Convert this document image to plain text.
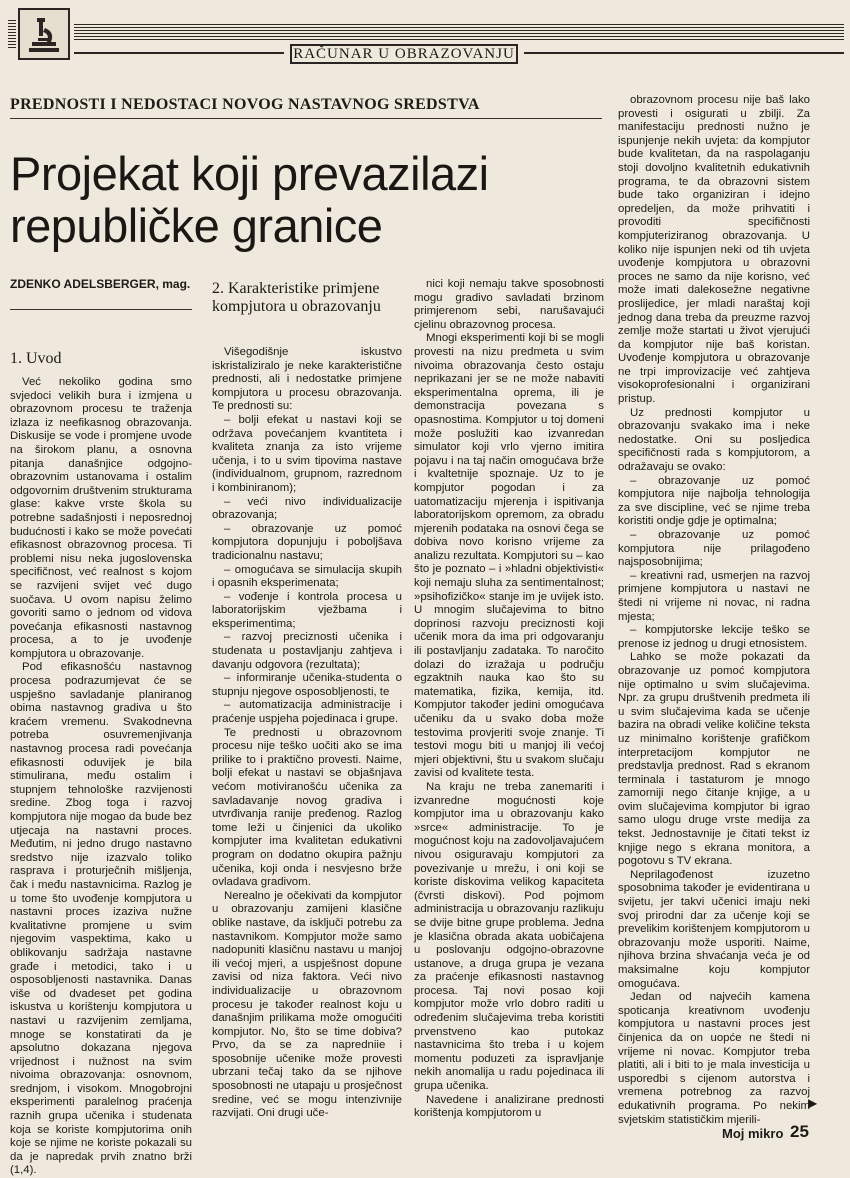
RAČUNAR U OBRAZOVANJU
PREDNOSTI I NEDOSTACI NOVOG NASTAVNOG SREDSTVA
Projekat koji prevazilazi republičke granice
ZDENKO ADELSBERGER, mag.
1. Uvod

Već nekoliko godina smo svjedoci velikih bura i izmjena u obrazovnom procesu te traženja izlaza iz neefikasnog obrazovanja. Diskusije se vode i promjene uvode na širokom planu, a osnovna pitanja današnjice odgojno-obrazovnim ustanovama i ostalim odgovornim društvenim strukturama glase: kakve vrste škola su potrebne sadašnjosti i neposrednoj budućnosti i kako se može povećati efikasnost obrazovnog procesa. Ti problemi nisu neka jugoslovenska specifičnost, već realnost s kojom se razvijeni svijet već dugo suočava. U ovom napisu želimo govoriti samo o jednom od vidova povećanja efikasnosti nastavnog procesa, a to je uvođenje kompjutora u obrazovanje.

Pod efikasnošću nastavnog procesa podrazumjevat će se uspješno savladanje planiranog obima nastavnog gradiva u što kraćem vremenu. Svakodnevna potreba osuvremenjivanja nastavnog procesa radi povećanja efikasnosti oduvijek je bila stimulirana, među ostalim i stupnjem tehnološke razvijenosti sredine. Zbog toga i razvoj kompjutora nije mogao da bude bez utjecaja na nastavni proces. Međutim, ni jedno drugo nastavno sredstvo nije izazvalo toliko rasprava i proturječnih mišljenja, čak i među nastavnicima. Razlog je u tome što uvođenje kompjutora u nastavni proces izaziva nužne kvalitativne promjene u svim njegovim vaspektima, kako u oblikovanju sadržaja nastavne građe i metodici, tako i u osposobljenosti nastavnika. Danas više od dvadeset pet godina iskustva u korištenju kompjutora u nastavi u razvijenim zemljama, mnoge se konstatirati da je apsolutno dokazana njegova vrijednost i nužnost na svim nivoima obrazovanja: osnovnom, srednjom, i visokom. Mnogobrojni eksperimenti paralelnog praćenja raznih grupa učenika i studenata koja se koriste kompjutorima onih koje se njime ne koriste pokazali su da je napredak prvih znatno brži (1,4).

2. Karakteristike primjene kompjutora u obrazovanju

Višegodišnje iskustvo iskristaliziralo je neke karakteristične prednosti, ali i nedostatke primjene kompjutora u procesu obrazovanja. Te prednosti su:

– bolji efekat u nastavi koji se održava povećanjem kvantiteta i kvaliteta znanja za isto vrijeme učenja, i to u svim tipovima nastave (individualnom, grupnom, razrednom i kombiniranom);

– veći nivo individualizacije obrazovanja;

– obrazovanje uz pomoć kompjutora dopunjuju i poboljšava tradicionalnu nastavu;

– omogućava se simulacija skupih i opasnih eksperimenata;

– vođenje i kontrola procesa u laboratorijskim vježbama i eksperimentima;

– razvoj preciznosti učenika i studenata u postavljanju zahtjeva i davanju odgovora (rezultata);

– informiranje učenika-studenta o stupnju njegove osposobljenosti, te

– automatizacija administracije i praćenje uspjeha pojedinaca i grupe.

Te prednosti u obrazovnom procesu nije teško uočiti ako se ima prilike to i praktično provesti. Naime, bolji efekat u nastavi se objašnjava većom motiviranošću učenika za savladavanje novog gradiva i utvrđivanja ranije pređenog. Razlog tome leži u činjenici da ukoliko kompjuter ima kvalitetan edukativni program on dodatno okupira pažnju učenika, koji onda i nesvjesno brže ovladava gradivom.

Nerealno je očekivati da kompjutor u obrazovanju zamijeni klasične oblike nastave, da isključi potrebu za nastavnikom. Kompjutor može samo nadopuniti klasičnu nastavu u manjoj ili većoj mjeri, a uspješnost dopune zavisi od niza faktora. Veći nivo individualizacije u obrazovnom procesu je također realnost koju u današnjim prilikama može omogućiti kompjutor. No, što se time dobiva? Prvo, da se za napredniie i sposobnije učenike može provesti ubrzani tečaj tako da se njihove sposobnosti ne utapaju u prosječnost sredine, već se mogu intenzivnije razvijati. Oni drugi uče-

nici koji nemaju takve sposobnosti mogu gradivo savladati brzinom primjerenom sebi, narušavajući cjelinu obrazovnog procesa.

Mnogi eksperimenti koji bi se mogli provesti na nizu predmeta u svim nivoima obrazovanja često ostaju neprikazani jer se ne može nabaviti eksperimentalna oprema, ili je demonstracija povezana s opasnostima. Kompjutor u toj domeni može poslužiti kao izvanredan simulator koji vrlo vjerno imitira pojavu i na taj način omogućava brže i kvaltetnije spoznaje. Uz to je kompjutor pogodan i za uatomatizaciju mjerenja i ispitivanja laboratorijskom opremom, za obradu mjerenih podataka na osnovi čega se dobiva novo korisno vrijeme za analizu rezultata. Kompjutori su – kao što je poznato – i »hladni objektivisti« koji nemaju sluha za sentimentalnost; »psihofizičko« stanje im je uvijek isto. U mnogim slučajevima to bitno doprinosi razvoju preciznosti koji učenik mora da ima pri odgovaranju ili postavljanju zadataka. To naročito dolazi do izražaja u području egzaktnih nauka kao što su matematika, fizika, kemija, itd. Kompjutor također jedini omogućava učeniku da u svako doba može testovima provjeriti svoje znanje. Ti testovi mogu biti u manjoj ili većoj mjeri objektivni, štu u svakom slučaju zavisi od kvalitete testa.

Na kraju ne treba zanemariti i izvanredne mogućnosti koje kompjutor ima u obrazovanju kako »srce« administracije. To je mogućnost koju na zadovoljavajućem nivou osiguravaju kompjutori za povezivanje u mrežu, i oni koji se koriste diskovima velikog kapaciteta (čvrsti diskovi). Pod pojmom administracija u obrazovanju razlikuju se dvije bitne grupe problema. Jedna je klasična obrada akata uobičajena u poslovanju odgojno-obrazovne ustanove, a druga grupa je vezana za praćenje efikasnosti nastavnog procesa. Taj novi posao koji kompjutor može vrlo dobro raditi u određenim slučajevima treba koristiti prvenstveno kao putokaz nastavnicima što treba i u kojem momentu poduzeti za ispravljanje nekih anomalija u radu pojedinaca ili grupa učenika.

Navedene i analizirane prednosti korištenja kompjutorom u

obrazovnom procesu nije baš lako provesti i osigurati u zbilji. Za manifestaciju prednosti nužno je ispunjenje nekih uvjeta: da kompjutor bude kvalitetan, da na raspolaganju stoji dovoljno kvalitetnih edukativnih programa, te da obrazovni sistem bude tako organiziran i idejno opredeljen, da može prihvatiti i provoditi specifičnosti kompjuteriziranog obrazovanja. U koliko nije ispunjen neki od tih uvjeta uvođenje kompjutora u obrazovni proces ne samo da nije korisno, već može imati dalekosežne negativne proslijedice, jer mladi naraštaj koji jednog dana treba da preuzme razvoj zemlje može startati u život vjerujući da kompjutor nije baš koristan. Uvođenje kompjutora u obrazovanje ne trpi improvizacije već zahtjeva visokoprofesionalni i organizirani pristup.

Uz prednosti kompjutor u obrazovanju svakako ima i neke nedostatke. Oni su posljedica specifičnosti rada s kompjutorom, a odražavaju se ovako:

– obrazovanje uz pomoć kompjutora nije najbolja tehnologija za sve discipline, već se njime treba koristiti ondje gdje je optimalna;

– obrazovanje uz pomoć kompjutora nije prilagođeno najsposobnijima;

– kreativni rad, usmerjen na razvoj primjene kompjutora u nastavi ne štedi ni vrijeme ni novac, ni radna mjesta;

– kompjutorske lekcije teško se prenose iz jednog u drugi etnosistem.

Lahko se može pokazati da obrazovanje uz pomoć kompjutora nije optimalno u svim slučajevima. Npr. za grupu društvenih predmeta ili u svim slučajevima kada se učenje bazira na obradi velike količine teksta uz minimalno korištenje grafičkom interpretacijom kompjutor ne predstavlja prednost. Rad s ekranom terminala i tastaturom je mnogo zamorniji nego čitanje knjige, a u ovim slučajevima kompjutor bi igrao samo ulogu druge vrste medija za tekst. Jednostavnije je čitati tekst iz knjige nego s ekrana monitora, a pogotovu s TV ekrana.

Neprilagođenost izuzetno sposobnima također je evidentirana u svijetu, jer takvi učenici imaju neki svoj prirodni dar za učenje koji se prevelikim korištenjem kompjutorom u obrazovanju može usporiti. Naime, njihova brzina shvaćanja veća je od maksimalne koju kompjutor omogućava.

Jedan od najvećih kamena spoticanja kreativnom uvođenju kompjutora u nastavni proces jest činjenica da on uopće ne štedi ni vrijeme ni novac. Kompjutor treba platiti, ali i biti to je mala investicija u usporedbi s cijenom autorstva i vremena potrebnog za razvoj edukativnih programa. Po nekim svjetskim statističkim mjerili-

▶
Moj mikro 25
